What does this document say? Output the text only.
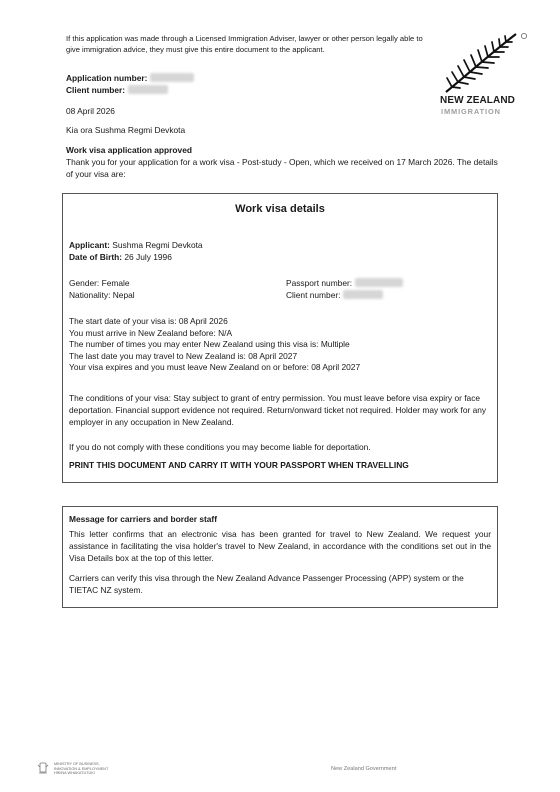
If this application was made through a Licensed Immigration Adviser, lawyer or other person legally able to give immigration advice, they must give this entire document to the applicant.
NEW ZEALAND
IMMIGRATION
Application number:
Client number:
08 April 2026
Kia ora Sushma Regmi Devkota
Work visa application approved
Thank you for your application for a work visa - Post-study - Open, which we received on 17 March 2026. The details of your visa are:
Work visa details
Applicant: Sushma Regmi Devkota
Date of Birth: 26 July 1996
Gender: Female
Nationality: Nepal
Passport number:
Client number:
The start date of your visa is: 08 April 2026
You must arrive in New Zealand before: N/A
The number of times you may enter New Zealand using this visa is: Multiple
The last date you may travel to New Zealand is: 08 April 2027
Your visa expires and you must leave New Zealand on or before: 08 April 2027
The conditions of your visa: Stay subject to grant of entry permission. You must leave before visa expiry or face deportation. Financial support evidence not required. Return/onward ticket not required. Holder may work for any employer in any occupation in New Zealand.
If you do not comply with these conditions you may become liable for deportation.
PRINT THIS DOCUMENT AND CARRY IT WITH YOUR PASSPORT WHEN TRAVELLING
Message for carriers and border staff
This letter confirms that an electronic visa has been granted for travel to New Zealand. We request your assistance in facilitating the visa holder's travel to New Zealand, in accordance with the conditions set out in the Visa Details box at the top of this letter.
Carriers can verify this visa through the New Zealand Advance Passenger Processing (APP) system or the TIETAC NZ system.
MINISTRY OF BUSINESS,
INNOVATION & EMPLOYMENT
HĪKINA WHAKATUTUKI
New Zealand Government
